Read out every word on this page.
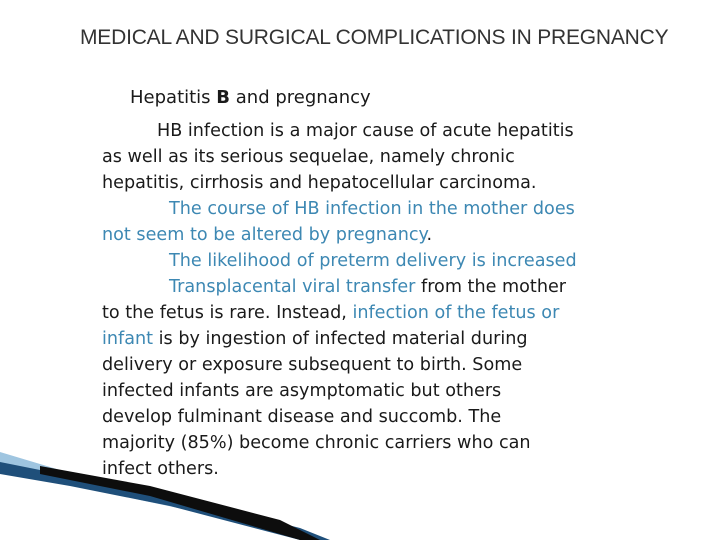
MEDICAL AND SURGICAL COMPLICATIONS IN PREGNANCY
Hepatitis B and pregnancy
HB infection is a major cause of acute hepatitis
as well as its serious sequelae, namely chronic
hepatitis, cirrhosis and hepatocellular carcinoma.
The course of HB infection in the mother does
not seem to be altered by pregnancy.
The likelihood of preterm delivery is increased
Transplacental viral transfer from the mother
to the fetus is rare. Instead, infection of the fetus or
infant is by ingestion of infected material during
delivery or exposure subsequent to birth. Some
infected infants are asymptomatic but others
develop fulminant disease and succomb. The
majority (85%) become chronic carriers who can
infect others.
